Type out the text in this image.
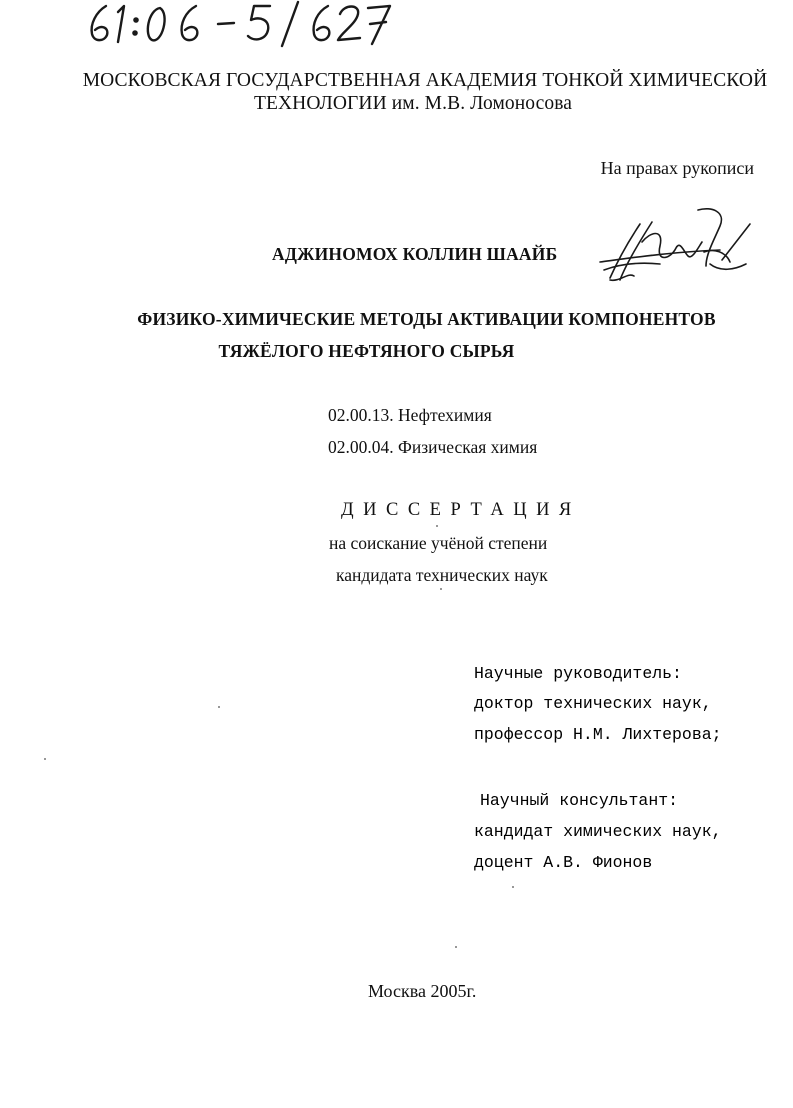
МОСКОВСКАЯ ГОСУДАРСТВЕННАЯ АКАДЕМИЯ ТОНКОЙ ХИМИЧЕСКОЙ
ТЕХНОЛОГИИ им. М.В. Ломоносова
На правах рукописи
АДЖИНОМОХ КОЛЛИН ШААЙБ
ФИЗИКО-ХИМИЧЕСКИЕ МЕТОДЫ АКТИВАЦИИ КОМПОНЕНТОВ
ТЯЖЁЛОГО НЕФТЯНОГО СЫРЬЯ
02.00.13. Нефтехимия
02.00.04. Физическая химия
ДИССЕРТАЦИЯ
на соискание учёной степени
кандидата технических наук
Научные руководитель:
доктор технических наук,
профессор Н.М. Лихтерова;
Научный консультант:
кандидат химических наук,
доцент А.В. Фионов
Москва 2005г.
